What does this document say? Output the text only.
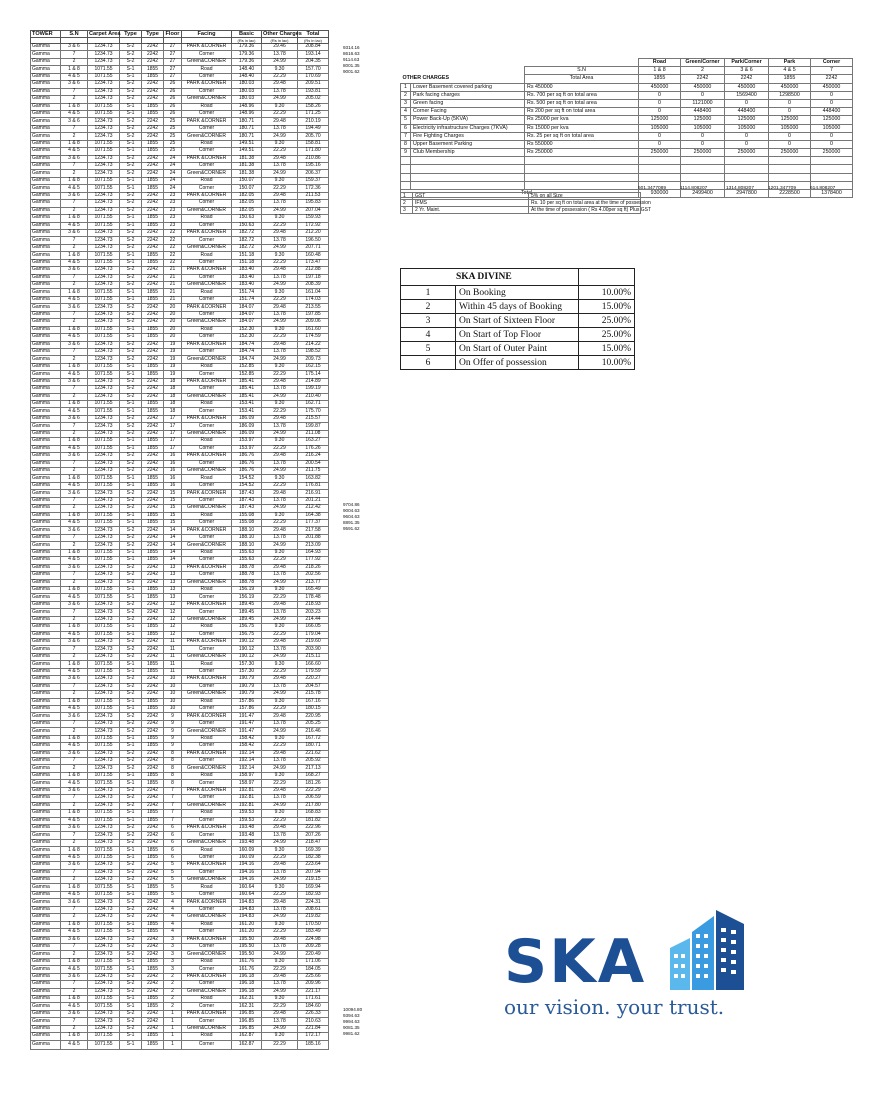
TOWER	S.N	Carpet Area	Type	Type	Floor	Facing	Basic	Other Charges	Total
							(Rs in lac)	(Rs in lac)	(Rs in lac)
Gamma	3 & 6	1234.73	S-2	2242	27	PARK &CORNER	179.36	29.46	208.84
Gamma	7	1234.73	S-2	2242	27	Corner	179.36	13.78	193.14
Gamma	2	1234.73	S-2	2242	27	Green&CORNER	179.36	24.99	204.35
Gamma	1 & 8	1071.55	S-1	1855	27	Road	148.40	9.30	157.70
Gamma	4 & 5	1071.55	S-1	1855	27	Corner	148.40	22.29	170.69
Gamma	3 & 6	1234.73	S-2	2242	26	PARK &CORNER	180.03	29.48	209.51
Gamma	7	1234.73	S-2	2242	26	Corner	180.03	13.78	193.81
Gamma	2	1234.73	S-2	2242	26	Green&CORNER	180.03	24.99	205.02
Gamma	1 & 8	1071.55	S-1	1855	26	Road	148.96	9.30	158.26
Gamma	4 & 5	1071.55	S-1	1855	26	Corner	148.96	22.29	171.25
Gamma	3 & 6	1234.73	S-2	2242	25	PARK &CORNER	180.71	29.48	210.19
Gamma	7	1234.73	S-2	2242	25	Corner	180.71	13.78	194.49
Gamma	2	1234.73	S-2	2242	25	Green&CORNER	180.71	24.99	205.70
Gamma	1 & 8	1071.55	S-1	1855	25	Road	149.51	9.30	158.81
Gamma	4 & 5	1071.55	S-1	1855	25	Corner	149.51	22.29	171.80
Gamma	3 & 6	1234.73	S-2	2242	24	PARK &CORNER	181.38	29.48	210.86
Gamma	7	1234.73	S-2	2242	24	Corner	181.38	13.78	195.16
Gamma	2	1234.73	S-2	2242	24	Green&CORNER	181.38	24.99	206.37
Gamma	1 & 8	1071.55	S-1	1855	24	Road	150.07	9.30	159.37
Gamma	4 & 5	1071.55	S-1	1855	24	Corner	150.07	22.29	172.36
Gamma	3 & 6	1234.73	S-2	2242	23	PARK &CORNER	182.05	29.48	211.53
Gamma	7	1234.73	S-2	2242	23	Corner	182.05	13.78	195.83
Gamma	2	1234.73	S-2	2242	23	Green&CORNER	182.05	24.99	207.04
Gamma	1 & 8	1071.55	S-1	1855	23	Road	150.63	9.30	159.93
Gamma	4 & 5	1071.55	S-1	1855	23	Corner	150.63	22.29	172.92
Gamma	3 & 6	1234.73	S-2	2242	22	PARK &CORNER	182.72	29.48	212.20
Gamma	7	1234.73	S-2	2242	22	Corner	182.72	13.78	196.50
Gamma	2	1234.73	S-2	2242	22	Green&CORNER	182.72	24.99	207.71
Gamma	1 & 8	1071.55	S-1	1855	22	Road	151.18	9.30	160.48
Gamma	4 & 5	1071.55	S-1	1855	22	Corner	151.18	22.29	173.47
Gamma	3 & 6	1234.73	S-2	2242	21	PARK &CORNER	183.40	29.48	212.88
Gamma	7	1234.73	S-2	2242	21	Corner	183.40	13.78	197.18
Gamma	2	1234.73	S-2	2242	21	Green&CORNER	183.40	24.99	208.39
Gamma	1 & 8	1071.55	S-1	1855	21	Road	151.74	9.30	161.04
Gamma	4 & 5	1071.55	S-1	1855	21	Corner	151.74	22.29	174.03
Gamma	3 & 6	1234.73	S-2	2242	20	PARK &CORNER	184.07	29.48	213.55
Gamma	7	1234.73	S-2	2242	20	Corner	184.07	13.78	197.85
Gamma	2	1234.73	S-2	2242	20	Green&CORNER	184.07	24.99	209.06
Gamma	1 & 8	1071.55	S-1	1855	20	Road	152.30	9.30	161.60
Gamma	4 & 5	1071.55	S-1	1855	20	Corner	152.30	22.29	174.59
Gamma	3 & 6	1234.73	S-2	2242	19	PARK &CORNER	184.74	29.48	214.22
Gamma	7	1234.73	S-2	2242	19	Corner	184.74	13.78	198.52
Gamma	2	1234.73	S-2	2242	19	Green&CORNER	184.74	24.99	209.73
Gamma	1 & 8	1071.55	S-1	1855	19	Road	152.85	9.30	162.15
Gamma	4 & 5	1071.55	S-1	1855	19	Corner	152.85	22.29	175.14
Gamma	3 & 6	1234.73	S-2	2242	18	PARK &CORNER	185.41	29.48	214.89
Gamma	7	1234.73	S-2	2242	18	Corner	185.41	13.78	199.19
Gamma	2	1234.73	S-2	2242	18	Green&CORNER	185.41	24.99	210.40
Gamma	1 & 8	1071.55	S-1	1855	18	Road	153.41	9.30	162.71
Gamma	4 & 5	1071.55	S-1	1855	18	Corner	153.41	22.29	175.70
Gamma	3 & 6	1234.73	S-2	2242	17	PARK &CORNER	186.09	29.48	215.57
Gamma	7	1234.73	S-2	2242	17	Corner	186.09	13.78	199.87
Gamma	2	1234.73	S-2	2242	17	Green&CORNER	186.09	24.99	211.08
Gamma	1 & 8	1071.55	S-1	1855	17	Road	153.97	9.30	163.27
Gamma	4 & 5	1071.55	S-1	1855	17	Corner	153.97	22.29	176.26
Gamma	3 & 6	1234.73	S-2	2242	16	PARK &CORNER	186.76	29.48	216.24
Gamma	7	1234.73	S-2	2242	16	Corner	186.76	13.78	200.54
Gamma	2	1234.73	S-2	2242	16	Green&CORNER	186.76	24.99	211.75
Gamma	1 & 8	1071.55	S-1	1855	16	Road	154.52	9.30	163.82
Gamma	4 & 5	1071.55	S-1	1855	16	Corner	154.52	22.29	176.81
Gamma	3 & 6	1234.73	S-2	2242	15	PARK &CORNER	187.43	29.48	216.91
Gamma	7	1234.73	S-2	2242	15	Corner	187.43	13.78	201.21
Gamma	2	1234.73	S-2	2242	15	Green&CORNER	187.43	24.99	212.42
Gamma	1 & 8	1071.55	S-1	1855	15	Road	155.08	9.30	164.38
Gamma	4 & 5	1071.55	S-1	1855	15	Corner	155.08	22.29	177.37
Gamma	3 & 6	1234.73	S-2	2242	14	PARK &CORNER	188.10	29.48	217.58
Gamma	7	1234.73	S-2	2242	14	Corner	188.10	13.78	201.88
Gamma	2	1234.73	S-2	2242	14	Green&CORNER	188.10	24.99	213.09
Gamma	1 & 8	1071.55	S-1	1855	14	Road	155.63	9.30	164.93
Gamma	4 & 5	1071.55	S-1	1855	14	Corner	155.63	22.29	177.92
Gamma	3 & 6	1234.73	S-2	2242	13	PARK &CORNER	188.78	29.48	218.26
Gamma	7	1234.73	S-2	2242	13	Corner	188.78	13.78	202.56
Gamma	2	1234.73	S-2	2242	13	Green&CORNER	188.78	24.99	213.77
Gamma	1 & 8	1071.55	S-1	1855	13	Road	156.19	9.30	165.49
Gamma	4 & 5	1071.55	S-1	1855	13	Corner	156.19	22.29	178.48
Gamma	3 & 6	1234.73	S-2	2242	12	PARK &CORNER	189.45	29.48	218.93
Gamma	7	1234.73	S-2	2242	12	Corner	189.45	13.78	203.23
Gamma	2	1234.73	S-2	2242	12	Green&CORNER	189.45	24.99	214.44
Gamma	1 & 8	1071.55	S-1	1855	12	Road	156.75	9.30	166.05
Gamma	4 & 5	1071.55	S-1	1855	12	Corner	156.75	22.29	179.04
Gamma	3 & 6	1234.73	S-2	2242	11	PARK &CORNER	190.12	29.48	219.60
Gamma	7	1234.73	S-2	2242	11	Corner	190.12	13.78	203.90
Gamma	2	1234.73	S-2	2242	11	Green&CORNER	190.12	24.99	215.11
Gamma	1 & 8	1071.55	S-1	1855	11	Road	157.30	9.30	166.60
Gamma	4 & 5	1071.55	S-1	1855	11	Corner	157.30	22.29	179.59
Gamma	3 & 6	1234.73	S-2	2242	10	PARK &CORNER	190.79	29.48	220.27
Gamma	7	1234.73	S-2	2242	10	Corner	190.79	13.78	204.57
Gamma	2	1234.73	S-2	2242	10	Green&CORNER	190.79	24.99	215.78
Gamma	1 & 8	1071.55	S-1	1855	10	Road	157.86	9.30	167.16
Gamma	4 & 5	1071.55	S-1	1855	10	Corner	157.86	22.29	180.15
Gamma	3 & 6	1234.73	S-2	2242	9	PARK &CORNER	191.47	29.48	220.95
Gamma	7	1234.73	S-2	2242	9	Corner	191.47	13.78	205.25
Gamma	2	1234.73	S-2	2242	9	Green&CORNER	191.47	24.99	216.46
Gamma	1 & 8	1071.55	S-1	1855	9	Road	158.42	9.30	167.72
Gamma	4 & 5	1071.55	S-1	1855	9	Corner	158.42	22.29	180.71
Gamma	3 & 6	1234.73	S-2	2242	8	PARK &CORNER	192.14	29.48	221.62
Gamma	7	1234.73	S-2	2242	8	Corner	192.14	13.78	205.92
Gamma	2	1234.73	S-2	2242	8	Green&CORNER	192.14	24.99	217.13
Gamma	1 & 8	1071.55	S-1	1855	8	Road	158.97	9.30	168.27
Gamma	4 & 5	1071.55	S-1	1855	8	Corner	158.97	22.29	181.26
Gamma	3 & 6	1234.73	S-2	2242	7	PARK &CORNER	192.81	29.48	222.29
Gamma	7	1234.73	S-2	2242	7	Corner	192.81	13.78	206.59
Gamma	2	1234.73	S-2	2242	7	Green&CORNER	192.81	24.99	217.80
Gamma	1 & 8	1071.55	S-1	1855	7	Road	159.53	9.30	168.83
Gamma	4 & 5	1071.55	S-1	1855	7	Corner	159.53	22.29	181.82
Gamma	3 & 6	1234.73	S-2	2242	6	PARK &CORNER	193.48	29.48	222.96
Gamma	7	1234.73	S-2	2242	6	Corner	193.48	13.78	207.26
Gamma	2	1234.73	S-2	2242	6	Green&CORNER	193.48	24.99	218.47
Gamma	1 & 8	1071.55	S-1	1855	6	Road	160.09	9.30	169.39
Gamma	4 & 5	1071.55	S-1	1855	6	Corner	160.09	22.29	182.38
Gamma	3 & 6	1234.73	S-2	2242	5	PARK &CORNER	194.16	29.48	223.64
Gamma	7	1234.73	S-2	2242	5	Corner	194.16	13.78	207.94
Gamma	2	1234.73	S-2	2242	5	Green&CORNER	194.16	24.99	219.15
Gamma	1 & 8	1071.55	S-1	1855	5	Road	160.64	9.30	169.94
Gamma	4 & 5	1071.55	S-1	1855	5	Corner	160.64	22.29	182.93
Gamma	3 & 6	1234.73	S-2	2242	4	PARK &CORNER	194.83	29.48	224.31
Gamma	7	1234.73	S-2	2242	4	Corner	194.83	13.78	208.61
Gamma	2	1234.73	S-2	2242	4	Green&CORNER	194.83	24.99	219.82
Gamma	1 & 8	1071.55	S-1	1855	4	Road	161.20	9.30	170.50
Gamma	4 & 5	1071.55	S-1	1855	4	Corner	161.20	22.29	183.49
Gamma	3 & 6	1234.73	S-2	2242	3	PARK &CORNER	195.50	29.48	224.98
Gamma	7	1234.73	S-2	2242	3	Corner	195.50	13.78	209.28
Gamma	2	1234.73	S-2	2242	3	Green&CORNER	195.50	24.99	220.49
Gamma	1 & 8	1071.55	S-1	1855	3	Road	161.76	9.30	171.06
Gamma	4 & 5	1071.55	S-1	1855	3	Corner	161.76	22.29	184.05
Gamma	3 & 6	1234.73	S-2	2242	2	PARK &CORNER	196.18	29.48	225.66
Gamma	7	1234.73	S-2	2242	2	Corner	196.18	13.78	209.96
Gamma	2	1234.73	S-2	2242	2	Green&CORNER	196.18	24.99	221.17
Gamma	1 & 8	1071.55	S-1	1855	2	Road	162.31	9.30	171.61
Gamma	4 & 5	1071.55	S-1	1855	2	Corner	162.31	22.29	184.60
Gamma	3 & 6	1234.73	S-2	2242	1	PARK &CORNER	196.85	29.48	226.33
Gamma	7	1234.73	S-2	2242	1	Corner	196.85	13.78	210.63
Gamma	2	1234.73	S-2	2242	1	Green&CORNER	196.85	24.99	221.84
Gamma	1 & 8	1071.55	S-1	1855	1	Road	162.87	9.30	172.17
Gamma	4 & 5	1071.55	S-1	1855	1	Corner	162.87	22.29	185.16
9314.16
8616.63
9114.63
8001.35
9001.62
9704.86
9004.63
9604.63
8891.35
9591.62
10094.80
9394.63
9994.63
9081.35
9981.62
			Road	Green/Corner	Park/Corner	Park	Corner
		S.N	1 & 8	2	3 & 6	4 & 5	7
OTHER CHARGES		Total Area	1855	2242	2242	1855	2242
1	Lower Basement covered parking	Rs 450000	450000	450000	450000	450000	450000
2	Park facing charges	Rs. 700 per sq ft on total area	0	0	1569400	1298500	0
3	Green facing	Rs. 500 per sq ft on total area	0	1121000	0	0	0
4	Corner Facing	Rs 200 per sq ft on total area	0	448400	448400	0	448400
5	Power Back-Up (5KVA)	Rs 25000 per kva	125000	125000	125000	125000	125000
6	Electricity infrastructure Charges (7KVA)	Rs 15000 per kva	105000	105000	105000	105000	105000
7	Fire Fighting Charges	Rs. 25 per sq ft on total area	0	0	0	0	0
8	Upper Basement Parking	Rs 550000	0	0	0	0	0
9	Club Membership	Rs 250000	250000	250000	250000	250000	250000

Total			930000	2499400	2947800	2228500	1378400
501.3477089	1114.808207	1314.808207	1201.347709	614.808207
1	GST	5% on all Size
2	IFMS	Rs. 10 per sq ft on total area at the time of possession
3	2 Yr. Maint.	At the time of possession ( Rs 4.00per sq ft) Plus GST
SKA DIVINE		
1	On Booking	10.00%
2	Within 45 days of Booking	15.00%
3	On Start of Sixteen Floor	25.00%
4	On Start of Top Floor	25.00%
5	On Start of Outer Paint	15.00%
6	On Offer of possession	10.00%
SKA
our vision. your trust.
